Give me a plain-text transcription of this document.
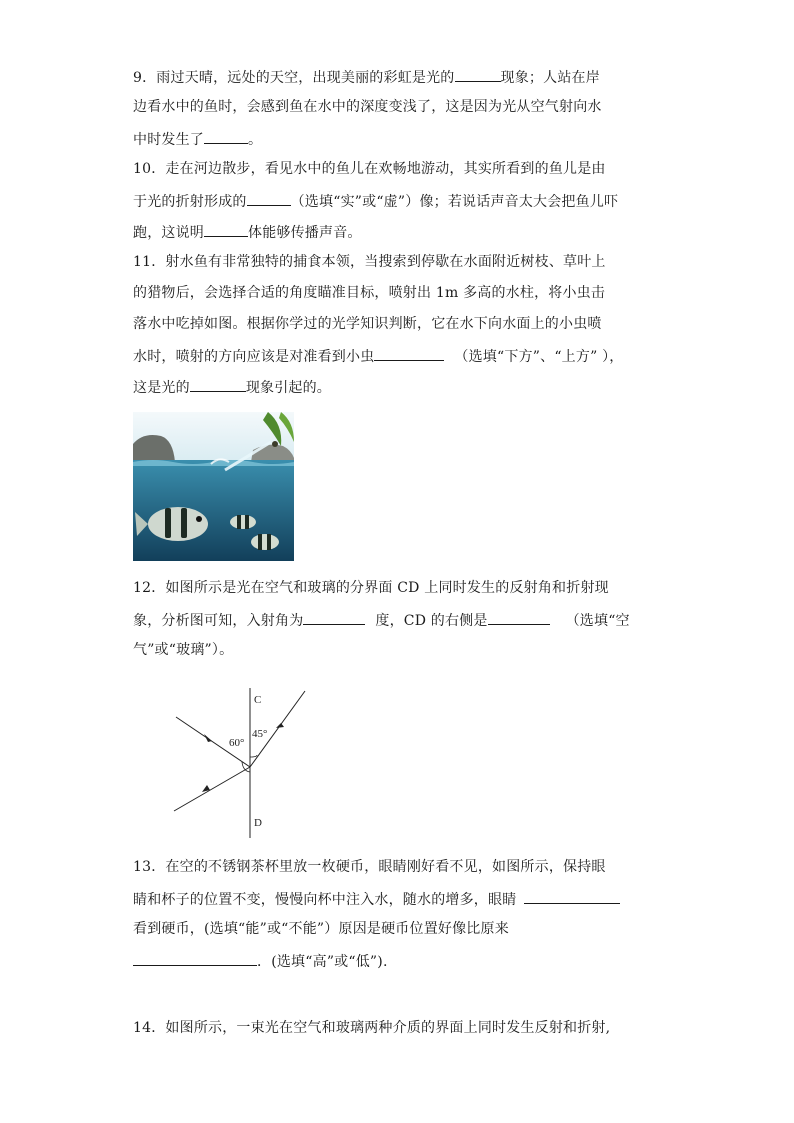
9．雨过天晴，远处的天空，出现美丽的彩虹是光的	现象；人站在岸
边看水中的鱼时，会感到鱼在水中的深度变浅了，这是因为光从空气射向水
中时发生了	。
10．走在河边散步，看见水中的鱼儿在欢畅地游动，其实所看到的鱼儿是由
于光的折射形成的	（选填“实”或“虚”）像；若说话声音太大会把鱼儿吓
跑，这说明	体能够传播声音。
11．射水鱼有非常独特的捕食本领，当搜索到停歇在水面附近树枝、草叶上
的猎物后，会选择合适的角度瞄准目标，喷射出 1m 多高的水柱，将小虫击
落水中吃掉如图。根据你学过的光学知识判断，它在水下向水面上的小虫喷
水时，喷射的方向应该是对准看到小虫	（选填“下方”、“上方” ），
这是光的	现象引起的。
12．如图所示是光在空气和玻璃的分界面 CD 上同时发生的反射角和折射现
象，分析图可知，入射角为	度，CD 的右侧是	（选填“空
气”或“玻璃”）。
C
D
60°
45°
13．在空的不锈钢茶杯里放一枚硬币，眼睛刚好看不见，如图所示，保持眼
睛和杯子的位置不变，慢慢向杯中注入水，随水的增多，眼睛
看到硬币，(选填“能”或“不能”）原因是硬币位置好像比原来
．(选填“高”或“低”).
14．如图所示，一束光在空气和玻璃两种介质的界面上同时发生反射和折射,
